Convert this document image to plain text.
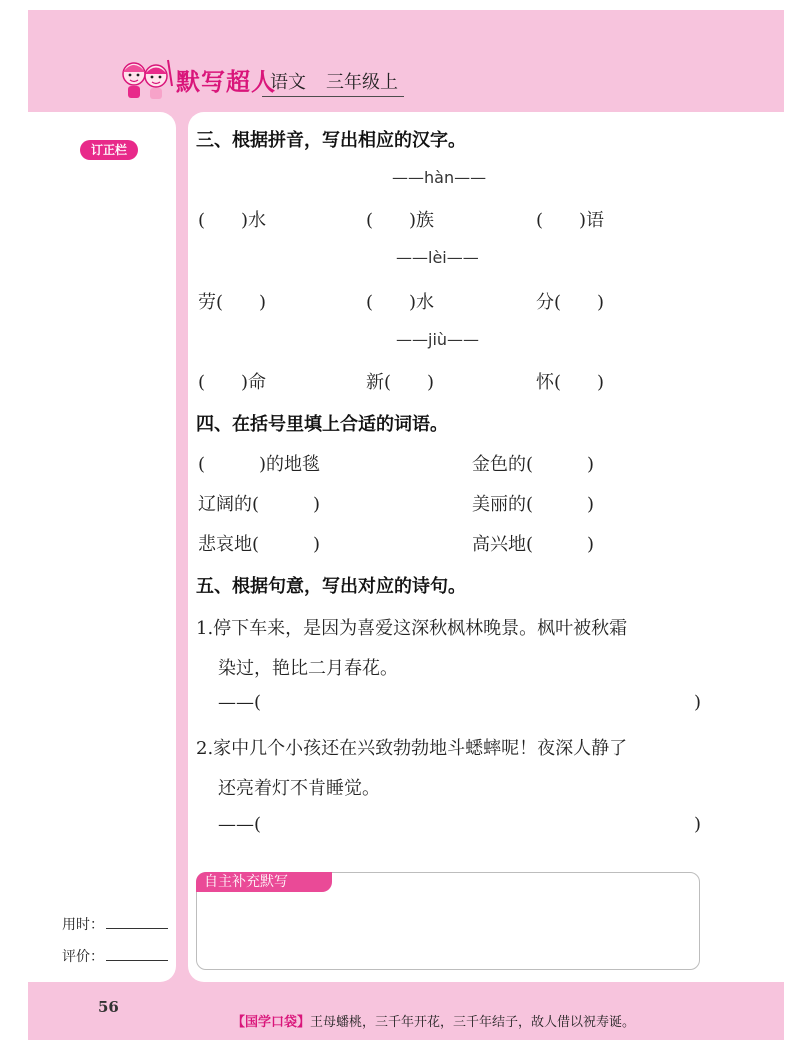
默写超人
语文 三年级上
订正栏
用时：
评价：
三、根据拼音，写出相应的汉字。
——hàn——
(　　)水	(　　)族	(　　)语
——lèi——
劳(　　)	(　　)水	分(　　)
——jiù——
(　　)命	新(　　)	怀(　　)
四、在括号里填上合适的词语。
(　　　)的地毯	金色的(　　　)
辽阔的(　　　)	美丽的(　　　)
悲哀地(　　　)	高兴地(　　　)
五、根据句意，写出对应的诗句。
1.停下车来，是因为喜爱这深秋枫林晚景。枫叶被秋霜
染过，艳比二月春花。
——(	)
2.家中几个小孩还在兴致勃勃地斗蟋蟀呢！夜深人静了
还亮着灯不肯睡觉。
——(	)
自主补充默写
56
【国学口袋】王母蟠桃，三千年开花，三千年结子，故人借以祝寿诞。
